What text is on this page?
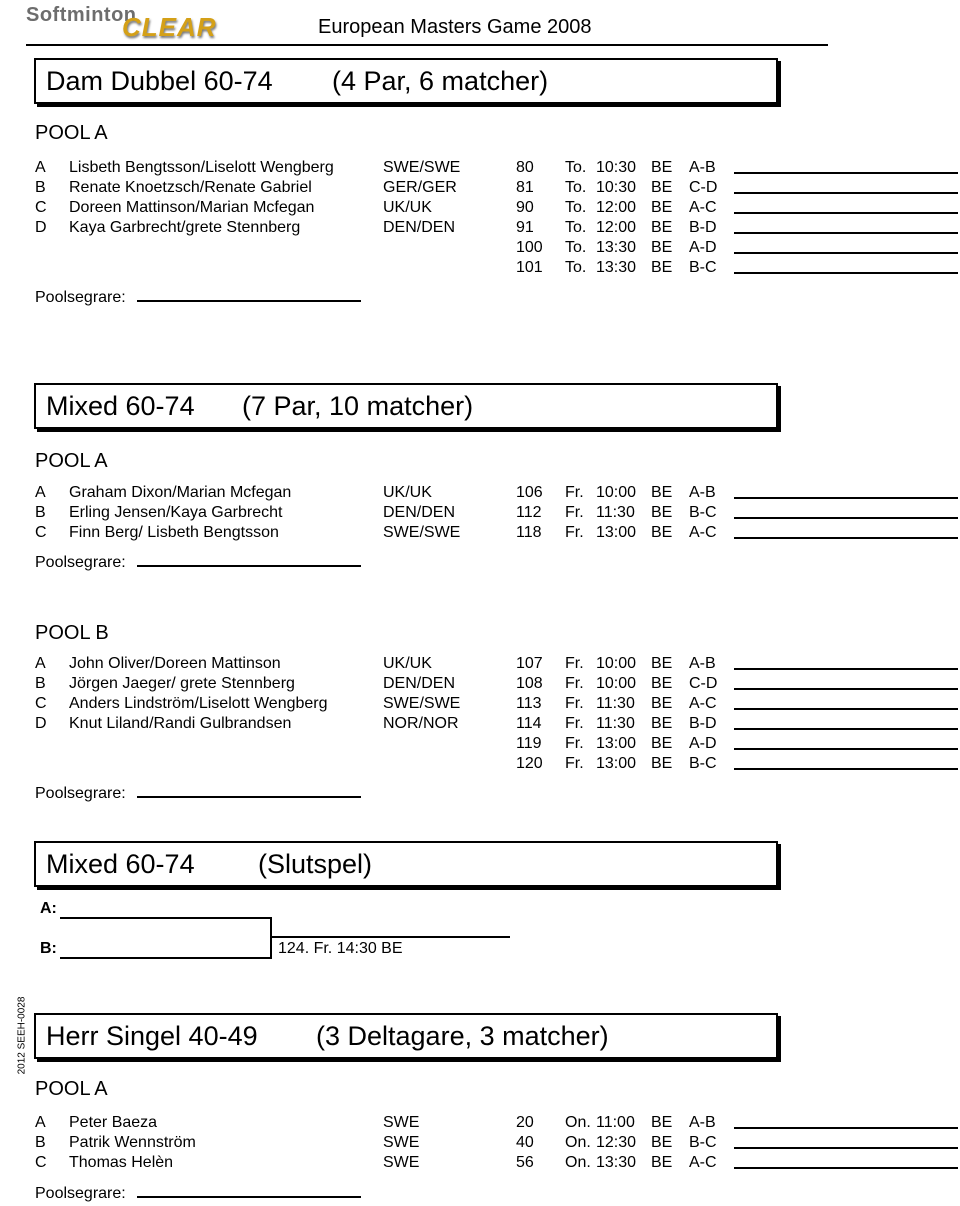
Softminton
CLEAR	European Masters Game 2008
2012 SEEH-0028
Dam Dubbel 60-74 (4 Par, 6 matcher)
POOL A
A Lisbeth Bengtsson/Liselott Wengberg	SWE/SWE	80 To. 10:30 BE A-B
B Renate Knoetzsch/Renate Gabriel	GER/GER	81 To. 10:30 BE C-D
C Doreen Mattinson/Marian Mcfegan	UK/UK	90 To. 12:00 BE A-C
D Kaya Garbrecht/grete Stennberg	DEN/DEN	91 To. 12:00 BE B-D
100 To. 13:30 BE A-D
101 To. 13:30 BE B-C
Poolsegrare:
Mixed 60-74 (7 Par, 10 matcher)
POOL A
A Graham Dixon/Marian Mcfegan	UK/UK	106 Fr. 10:00 BE A-B
B Erling Jensen/Kaya Garbrecht	DEN/DEN	112 Fr. 11:30 BE B-C
C Finn Berg/ Lisbeth Bengtsson	SWE/SWE	118 Fr. 13:00 BE A-C
Poolsegrare:
POOL B
A John Oliver/Doreen Mattinson	UK/UK	107 Fr. 10:00 BE A-B
B Jörgen Jaeger/ grete Stennberg	DEN/DEN	108 Fr. 10:00 BE C-D
C Anders Lindström/Liselott Wengberg	SWE/SWE	113 Fr. 11:30 BE A-C
D Knut Liland/Randi Gulbrandsen	NOR/NOR	114 Fr. 11:30 BE B-D
119 Fr. 13:00 BE A-D
120 Fr. 13:00 BE B-C
Poolsegrare:
Mixed 60-74 (Slutspel)
A:
B:	124. Fr. 14:30 BE
Herr Singel 40-49 (3 Deltagare, 3 matcher)
POOL A
A Peter Baeza	SWE	20 On. 11:00 BE A-B
B Patrik Wennström	SWE	40 On. 12:30 BE B-C
C Thomas Helèn	SWE	56 On. 13:30 BE A-C
Poolsegrare:
